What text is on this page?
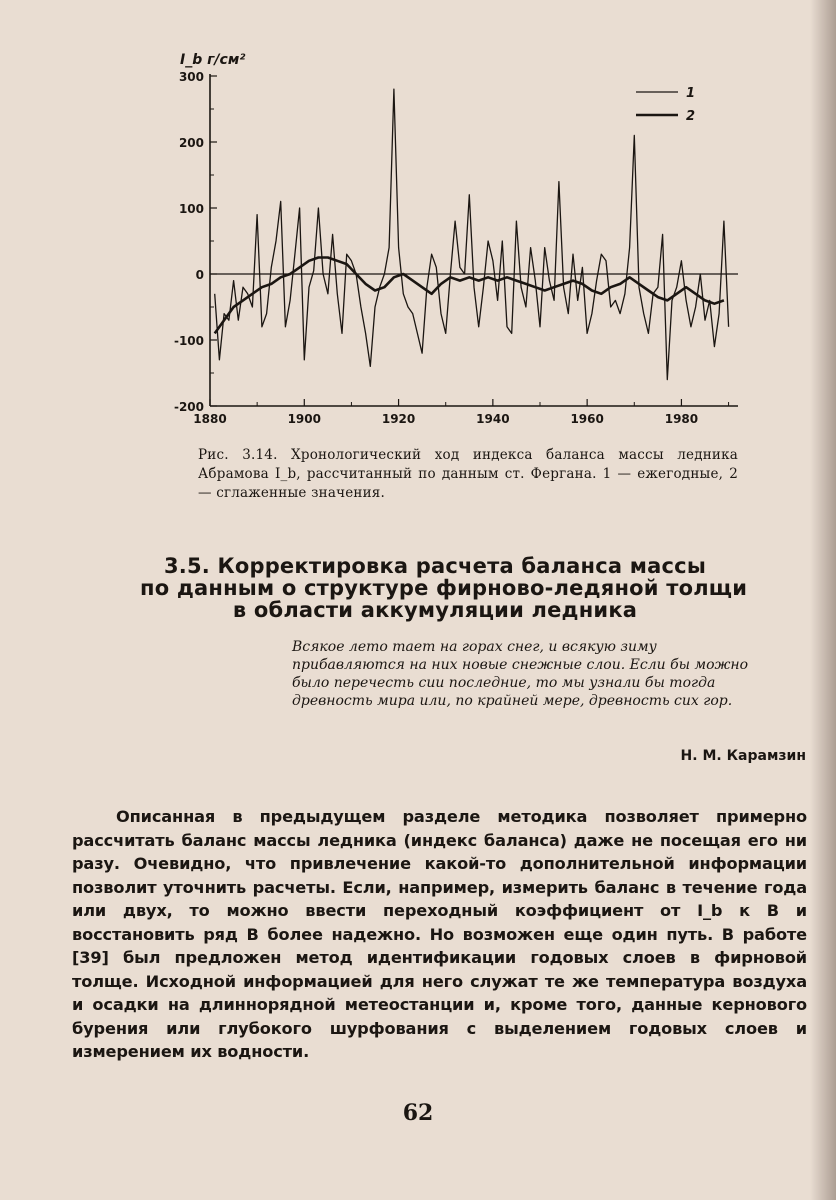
I_b г/см²
-200
-100
0
100
200
300
1880	1900	1920	1940	1960	1980
1
2

Рис. 3.14. Хронологический ход индекса баланса массы ледника Абрамова I_b, рассчитанный по данным ст. Фергана. 1 — ежегодные, 2 — сглаженные значения.

3.5. Корректировка расчета баланса массы
по данным о структуре фирново-ледяной толщи
в области аккумуляции ледника

Всякое лето тает на горах снег, и всякую зиму прибавляются на них новые снежные слои. Если бы можно было перечесть сии последние, то мы узнали бы тогда древность мира или, по крайней мере, древность сих гор.

Н. М. Карамзин

Описанная в предыдущем разделе методика позволяет примерно рассчитать баланс массы ледника (индекс баланса) даже не посещая его ни разу. Очевидно, что привлечение какой-то дополнительной информации позволит уточнить расчеты. Если, например, измерить баланс в течение года или двух, то можно ввести переходный коэффициент от I_b к B и восстановить ряд B более надежно. Но возможен еще один путь. В работе [39] был предложен метод идентификации годовых слоев в фирновой толще. Исходной информацией для него служат те же температура воздуха и осадки на длиннорядной метеостанции и, кроме того, данные кернового бурения или глубокого шурфования с выделением годовых слоев и измерением их водности.

62
